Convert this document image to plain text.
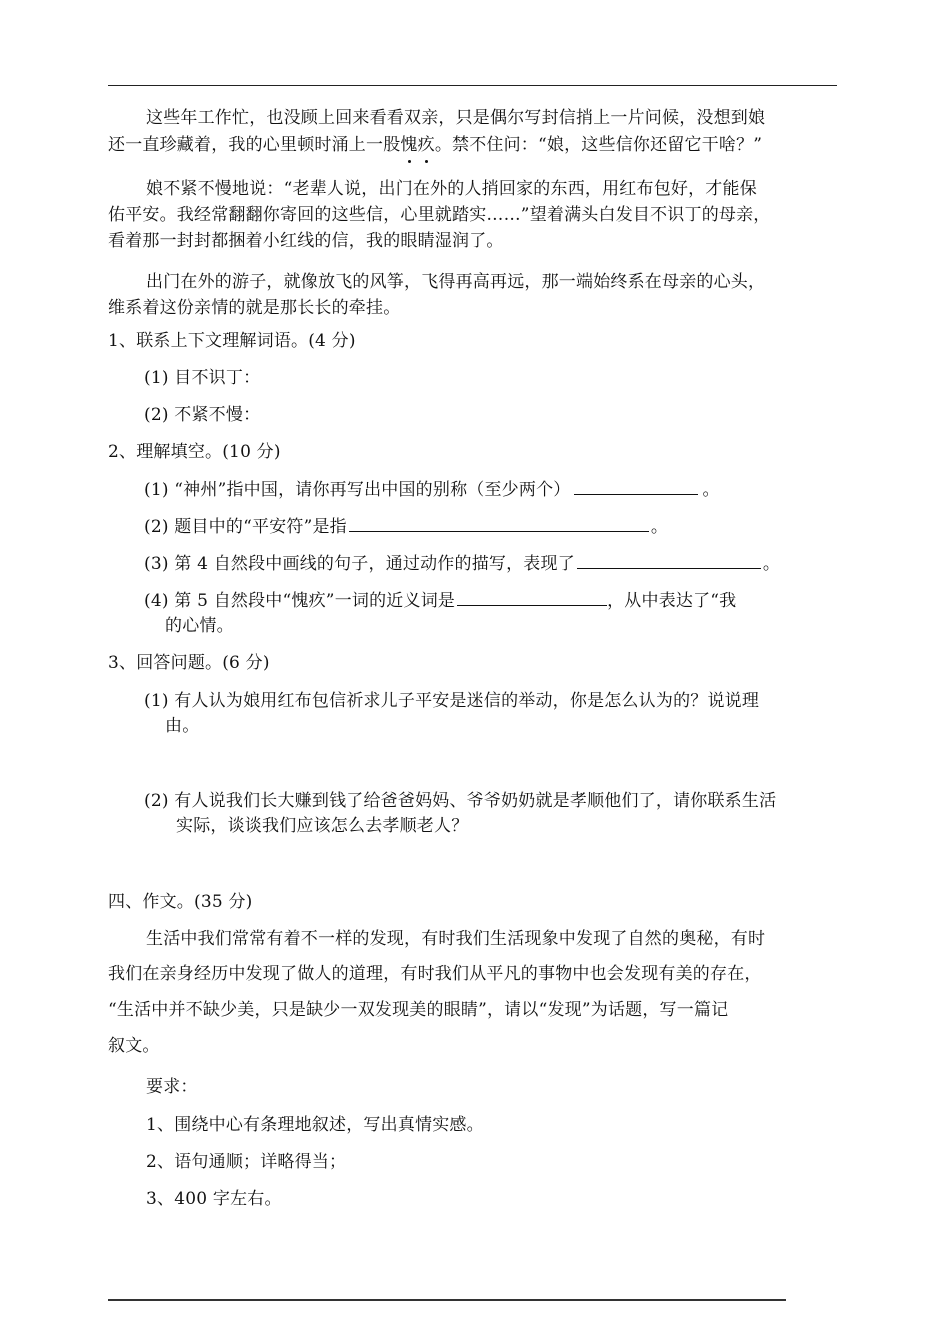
这些年工作忙，也没顾上回来看看双亲，只是偶尔写封信捎上一片问候，没想到娘
还一直珍藏着，我的心里顿时涌上一股愧疚。禁不住问：“娘，这些信你还留它干啥？”
娘不紧不慢地说：“老辈人说，出门在外的人捎回家的东西，用红布包好，才能保
佑平安。我经常翻翻你寄回的这些信，心里就踏实……”望着满头白发目不识丁的母亲，
看着那一封封都捆着小红线的信，我的眼睛湿润了。
出门在外的游子，就像放飞的风筝，飞得再高再远，那一端始终系在母亲的心头，
维系着这份亲情的就是那长长的牵挂。
1、联系上下文理解词语。(4 分)
(1) 目不识丁：
(2) 不紧不慢：
2、理解填空。(10 分)
(1) “神州”指中国，请你再写出中国的别称（至少两个）	。
(2) 题目中的“平安符”是指	。
(3) 第 4 自然段中画线的句子，通过动作的描写，表现了	。
(4) 第 5 自然段中“愧疚”一词的近义词是	，从中表达了“我
的心情。
3、回答问题。(6 分)
(1) 有人认为娘用红布包信祈求儿子平安是迷信的举动，你是怎么认为的？说说理
由。
(2) 有人说我们长大赚到钱了给爸爸妈妈、爷爷奶奶就是孝顺他们了，请你联系生活
实际，谈谈我们应该怎么去孝顺老人？
四、作文。(35 分)
生活中我们常常有着不一样的发现，有时我们生活现象中发现了自然的奥秘，有时
我们在亲身经历中发现了做人的道理，有时我们从平凡的事物中也会发现有美的存在，
“生活中并不缺少美，只是缺少一双发现美的眼睛”，请以“发现”为话题，写一篇记
叙文。
要求：
1、围绕中心有条理地叙述，写出真情实感。
2、语句通顺；详略得当；
3、400 字左右。
